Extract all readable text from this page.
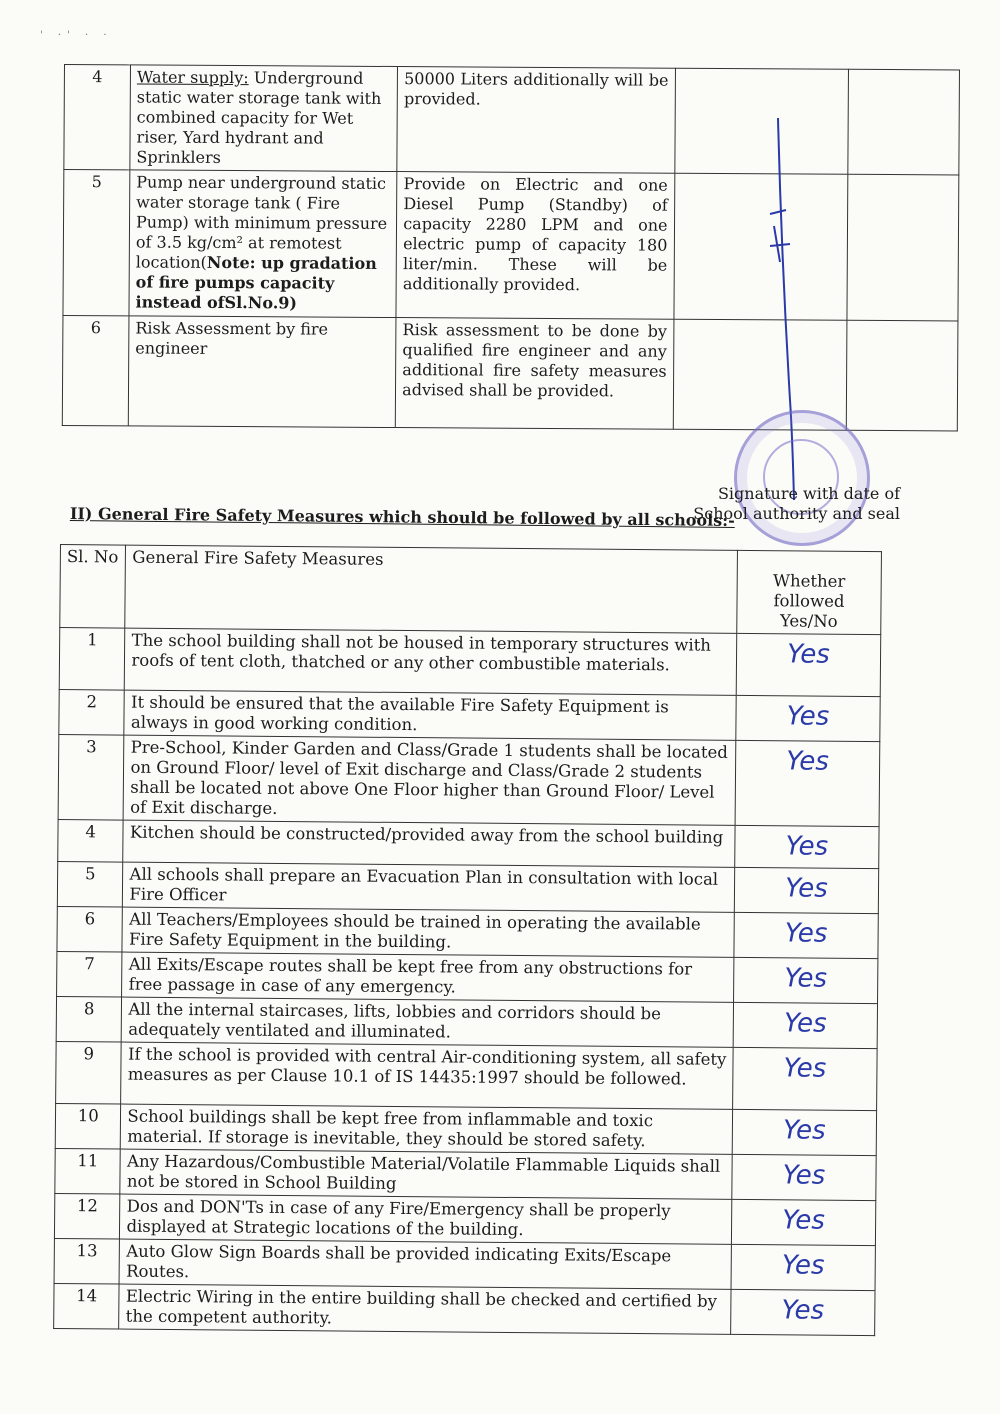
' ·' · ·
4	Water supply: Underground static water storage tank with combined capacity for Wet riser, Yard hydrant and Sprinklers	50000 Liters additionally will be provided.		
5	Pump near underground static water storage tank ( Fire Pump) with minimum pressure of 3.5 kg/cm² at remotest location(Note: up gradation of fire pumps capacity instead ofSl.No.9)	Provide on Electric and one Diesel Pump (Standby) of capacity 2280 LPM and one electric pump of capacity 180 liter/min. These will be additionally provided.		
6	Risk Assessment by fire engineer	Risk assessment to be done by qualified fire engineer and any additional fire safety measures advised shall be provided.		
Signature with date of
School authority and seal
II) General Fire Safety Measures which should be followed by all schools:-
Sl. No	General Fire Safety Measures	Whether followed Yes/No
1	The school building shall not be housed in temporary structures with roofs of tent cloth, thatched or any other combustible materials.	Yes
2	It should be ensured that the available Fire Safety Equipment is always in good working condition.	Yes
3	Pre-School, Kinder Garden and Class/Grade 1 students shall be located on Ground Floor/ level of Exit discharge and Class/Grade 2 students shall be located not above One Floor higher than Ground Floor/ Level of Exit discharge.	Yes
4	Kitchen should be constructed/provided away from the school building	Yes
5	All schools shall prepare an Evacuation Plan in consultation with local Fire Officer	Yes
6	All Teachers/Employees should be trained in operating the available Fire Safety Equipment in the building.	Yes
7	All Exits/Escape routes shall be kept free from any obstructions for free passage in case of any emergency.	Yes
8	All the internal staircases, lifts, lobbies and corridors should be adequately ventilated and illuminated.	Yes
9	If the school is provided with central Air-conditioning system, all safety measures as per Clause 10.1 of IS 14435:1997 should be followed.	Yes
10	School buildings shall be kept free from inflammable and toxic material. If storage is inevitable, they should be stored safety.	Yes
11	Any Hazardous/Combustible Material/Volatile Flammable Liquids shall not be stored in School Building	Yes
12	Dos and DON'Ts in case of any Fire/Emergency shall be properly displayed at Strategic locations of the building.	Yes
13	Auto Glow Sign Boards shall be provided indicating Exits/Escape Routes.	Yes
14	Electric Wiring in the entire building shall be checked and certified by the competent authority.	Yes
